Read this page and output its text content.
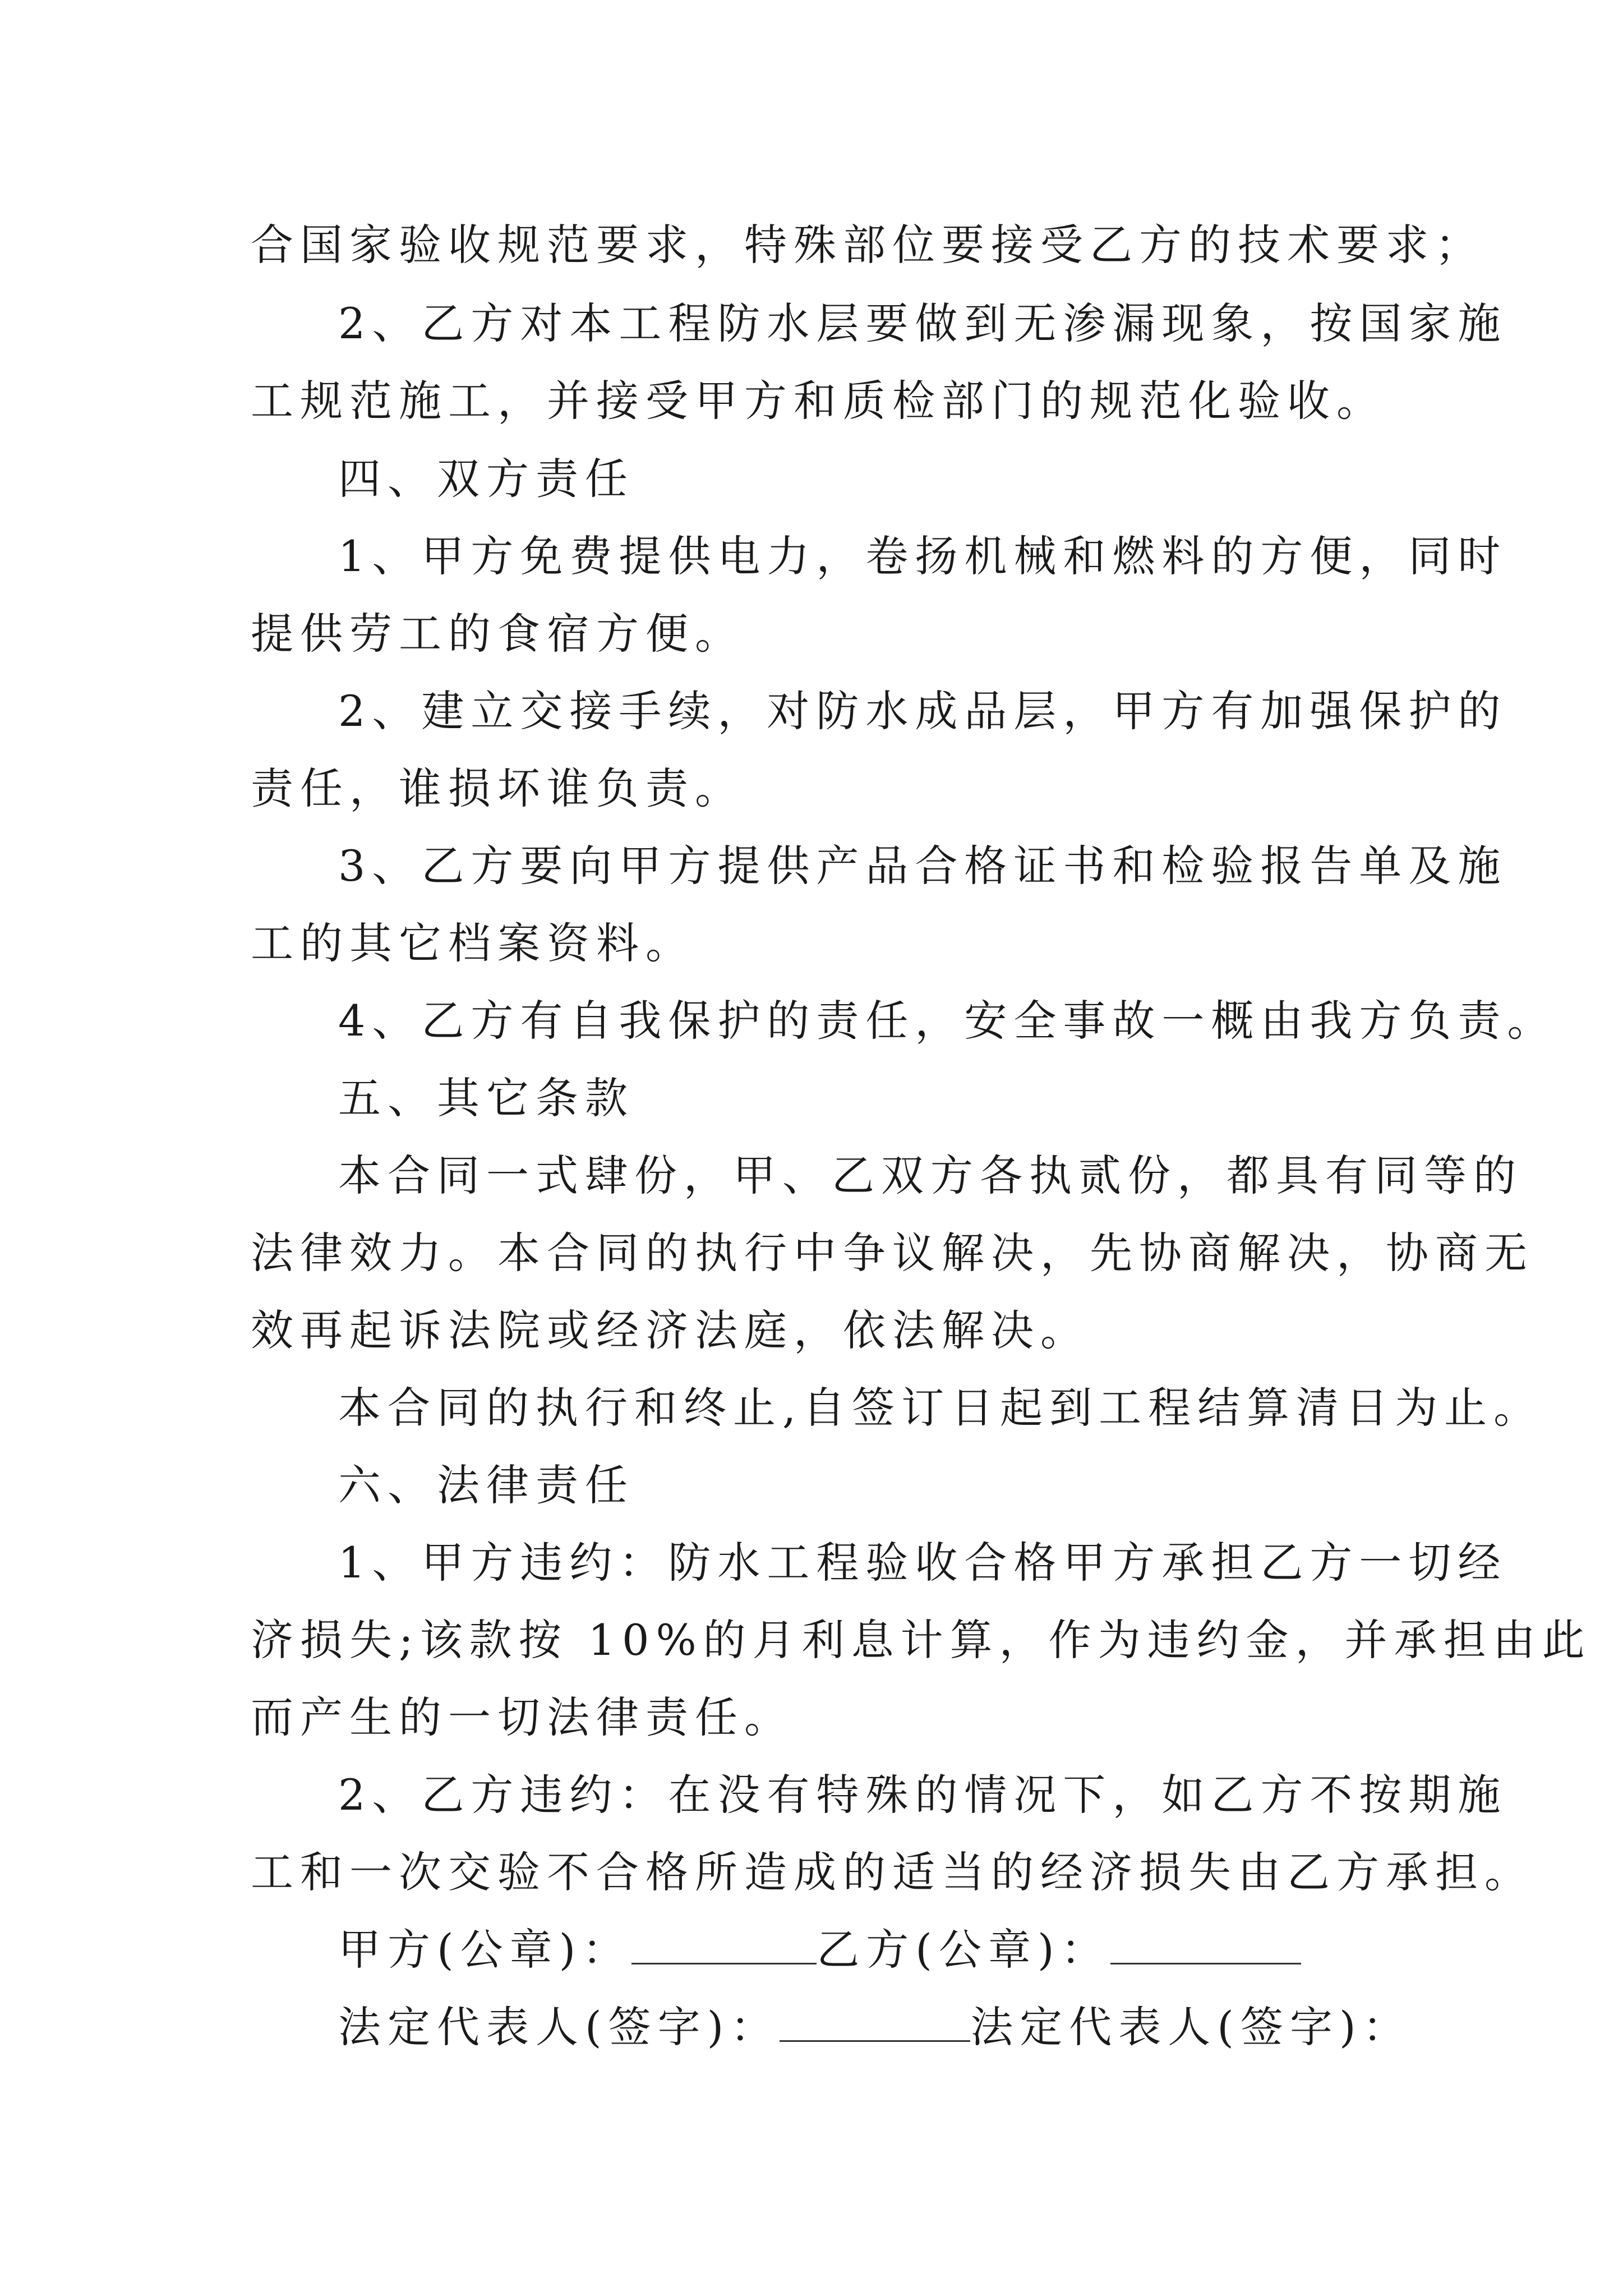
合国家验收规范要求，特殊部位要接受乙方的技术要求；
2、乙方对本工程防水层要做到无渗漏现象，按国家施
工规范施工，并接受甲方和质检部门的规范化验收。
四、双方责任
1、甲方免费提供电力，卷扬机械和燃料的方便，同时
提供劳工的食宿方便。
2、建立交接手续，对防水成品层，甲方有加强保护的
责任，谁损坏谁负责。
3、乙方要向甲方提供产品合格证书和检验报告单及施
工的其它档案资料。
4、乙方有自我保护的责任，安全事故一概由我方负责。
五、其它条款
本合同一式肆份，甲、乙双方各执贰份，都具有同等的
法律效力。本合同的执行中争议解决，先协商解决，协商无
效再起诉法院或经济法庭，依法解决。
本合同的执行和终止,自签订日起到工程结算清日为止。
六、法律责任
1、甲方违约：防水工程验收合格甲方承担乙方一切经
济损失;该款按 10%的月利息计算，作为违约金，并承担由此
而产生的一切法律责任。
2、乙方违约：在没有特殊的情况下，如乙方不按期施
工和一次交验不合格所造成的适当的经济损失由乙方承担。
甲方(公章)：	乙方(公章)：
法定代表人(签字)：	法定代表人(签字)：
